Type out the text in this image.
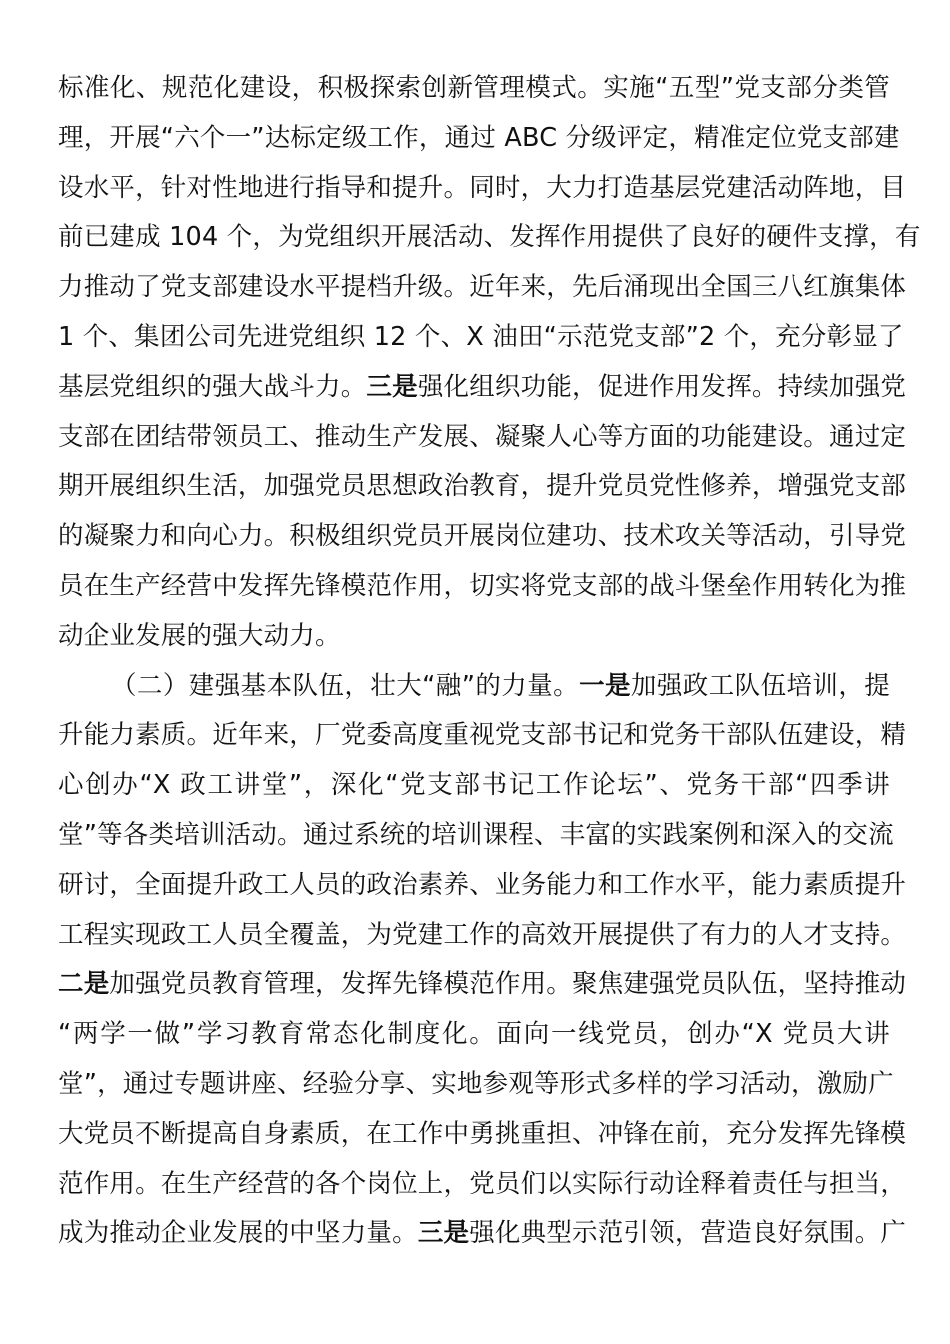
标准化、规范化建设，积极探索创新管理模式。实施“五型”党支部分类管
理，开展“六个一”达标定级工作，通过 ABC 分级评定，精准定位党支部建
设水平，针对性地进行指导和提升。同时，大力打造基层党建活动阵地，目
前已建成 104 个，为党组织开展活动、发挥作用提供了良好的硬件支撑，有
力推动了党支部建设水平提档升级。近年来，先后涌现出全国三八红旗集体
1 个、集团公司先进党组织 12 个、X 油田“示范党支部”2 个，充分彰显了
基层党组织的强大战斗力。三是强化组织功能，促进作用发挥。持续加强党
支部在团结带领员工、推动生产发展、凝聚人心等方面的功能建设。通过定
期开展组织生活，加强党员思想政治教育，提升党员党性修养，增强党支部
的凝聚力和向心力。积极组织党员开展岗位建功、技术攻关等活动，引导党
员在生产经营中发挥先锋模范作用，切实将党支部的战斗堡垒作用转化为推
动企业发展的强大动力。
（二）建强基本队伍，壮大“融”的力量。一是加强政工队伍培训，提
升能力素质。近年来，厂党委高度重视党支部书记和党务干部队伍建设，精
心创办“X 政工讲堂”，深化“党支部书记工作论坛”、党务干部“四季讲
堂”等各类培训活动。通过系统的培训课程、丰富的实践案例和深入的交流
研讨，全面提升政工人员的政治素养、业务能力和工作水平，能力素质提升
工程实现政工人员全覆盖，为党建工作的高效开展提供了有力的人才支持。
二是加强党员教育管理，发挥先锋模范作用。聚焦建强党员队伍，坚持推动
“两学一做”学习教育常态化制度化。面向一线党员，创办“X 党员大讲
堂”，通过专题讲座、经验分享、实地参观等形式多样的学习活动，激励广
大党员不断提高自身素质，在工作中勇挑重担、冲锋在前，充分发挥先锋模
范作用。在生产经营的各个岗位上，党员们以实际行动诠释着责任与担当，
成为推动企业发展的中坚力量。三是强化典型示范引领，营造良好氛围。广
